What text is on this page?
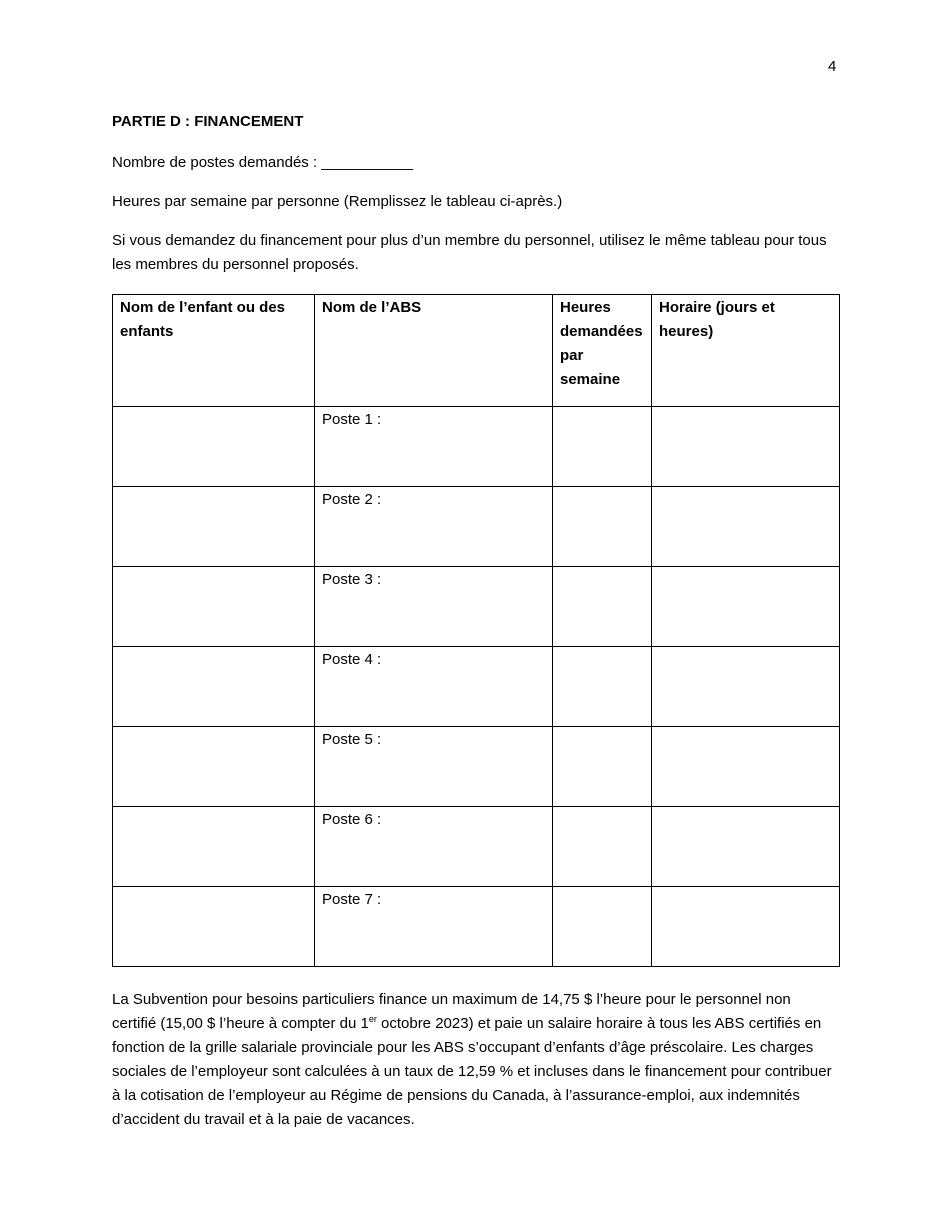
4
PARTIE D : FINANCEMENT
Nombre de postes demandés : ___________
Heures par semaine par personne (Remplissez le tableau ci-après.)
Si vous demandez du financement pour plus d’un membre du personnel, utilisez le même tableau pour tous les membres du personnel proposés.
Nom de l’enfant ou des enfants	Nom de l’ABS	Heures demandées par semaine	Horaire (jours et heures)
	Poste 1 :		
	Poste 2 :		
	Poste 3 :		
	Poste 4 :		
	Poste 5 :		
	Poste 6 :		
	Poste 7 :		
La Subvention pour besoins particuliers finance un maximum de 14,75 $ l’heure pour le personnel non certifié (15,00 $ l’heure à compter du 1er octobre 2023) et paie un salaire horaire à tous les ABS certifiés en fonction de la grille salariale provinciale pour les ABS s’occupant d’enfants d’âge préscolaire. Les charges sociales de l’employeur sont calculées à un taux de 12,59 % et incluses dans le financement pour contribuer à la cotisation de l’employeur au Régime de pensions du Canada, à l’assurance-emploi, aux indemnités d’accident du travail et à la paie de vacances.
